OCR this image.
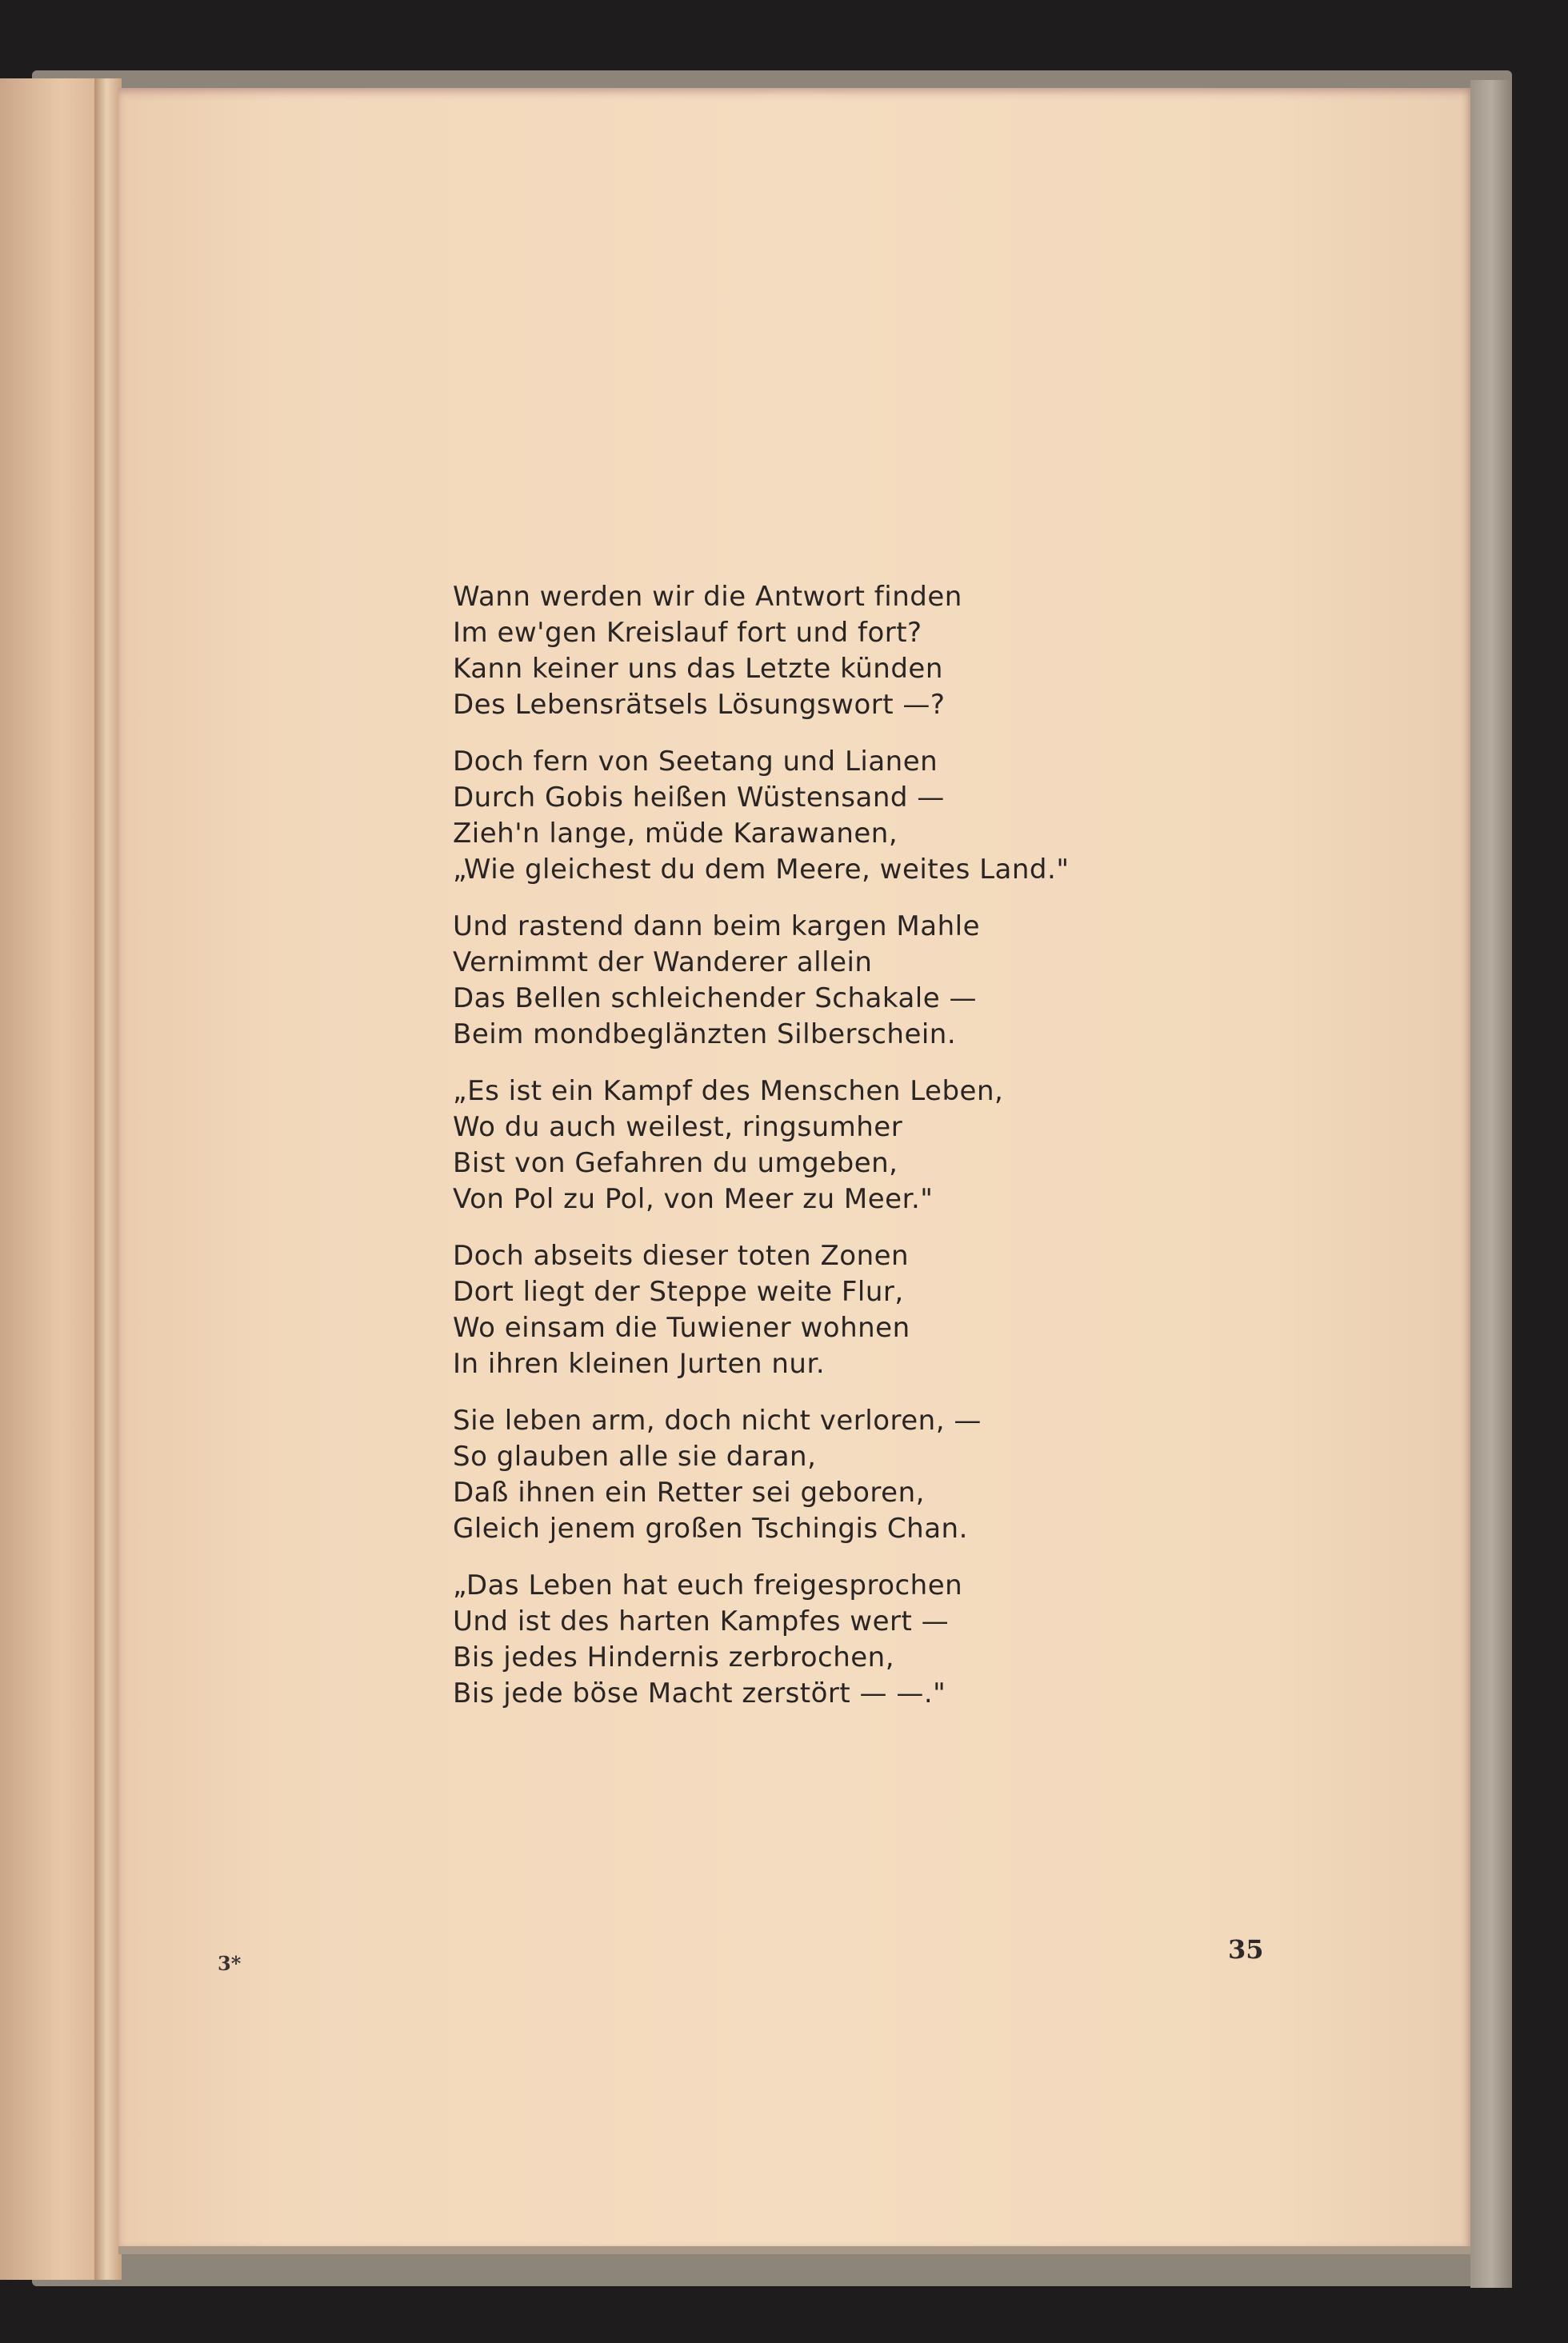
Wann werden wir die Antwort finden
Im ew'gen Kreislauf fort und fort?
Kann keiner uns das Letzte künden
Des Lebensrätsels Lösungswort —?
Doch fern von Seetang und Lianen
Durch Gobis heißen Wüstensand —
Zieh'n lange, müde Karawanen,
„Wie gleichest du dem Meere, weites Land."
Und rastend dann beim kargen Mahle
Vernimmt der Wanderer allein
Das Bellen schleichender Schakale —
Beim mondbeglänzten Silberschein.
„Es ist ein Kampf des Menschen Leben,
Wo du auch weilest, ringsumher
Bist von Gefahren du umgeben,
Von Pol zu Pol, von Meer zu Meer."
Doch abseits dieser toten Zonen
Dort liegt der Steppe weite Flur,
Wo einsam die Tuwiener wohnen
In ihren kleinen Jurten nur.
Sie leben arm, doch nicht verloren, —
So glauben alle sie daran,
Daß ihnen ein Retter sei geboren,
Gleich jenem großen Tschingis Chan.
„Das Leben hat euch freigesprochen
Und ist des harten Kampfes wert —
Bis jedes Hindernis zerbrochen,
Bis jede böse Macht zerstört — —."
3*	35
